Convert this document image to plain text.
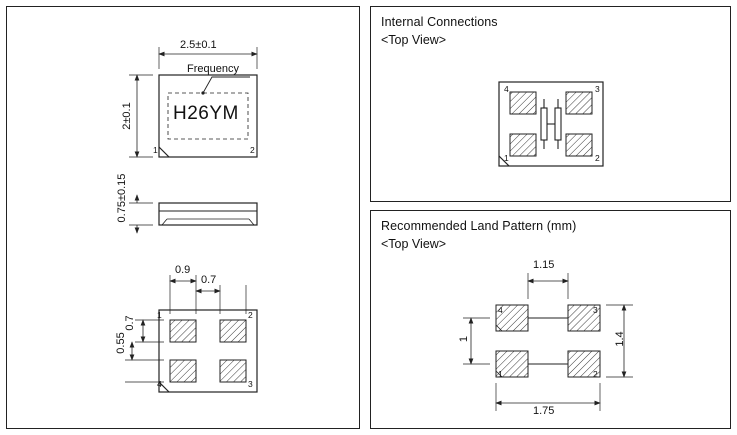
2.5±0.1
2±0.1
Frequency
H26YM
1	2
0.75±0.15
0.9
0.7
0.7
0.55
1	2
3
4
Internal Connections
<Top View>
4	3
1	2
Recommended Land Pattern (mm)
<Top View>
1.15
1.75
1.4
1
4	3
1	2
